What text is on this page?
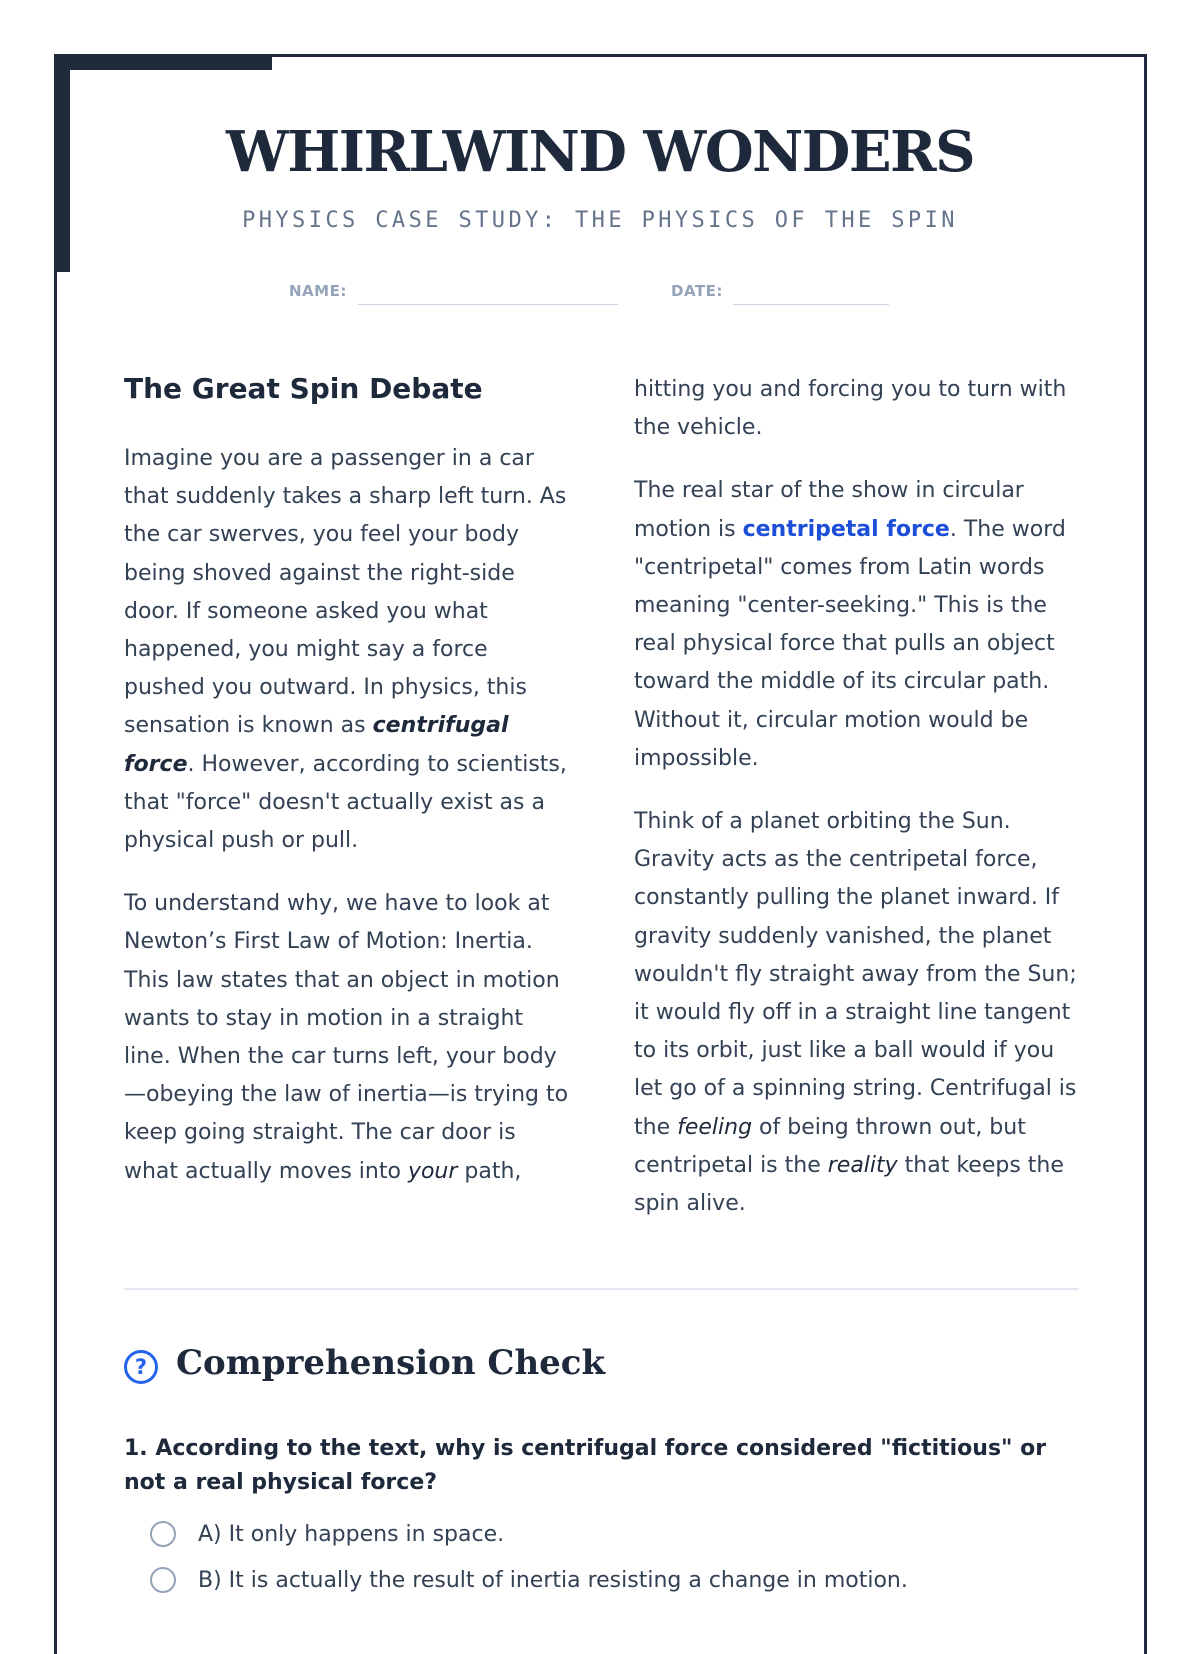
WHIRLWIND WONDERS
PHYSICS CASE STUDY: THE PHYSICS OF THE SPIN
NAME:	DATE:
The Great Spin Debate

Imagine you are a passenger in a car that suddenly takes a sharp left turn. As the car swerves, you feel your body being shoved against the right-side door. If someone asked you what happened, you might say a force pushed you outward. In physics, this sensation is known as centrifugal force. However, according to scientists, that "force" doesn't actually exist as a physical push or pull.

To understand why, we have to look at Newton’s First Law of Motion: Inertia. This law states that an object in motion wants to stay in motion in a straight line. When the car turns left, your body—obeying the law of inertia—is trying to keep going straight. The car door is what actually moves into your path,

hitting you and forcing you to turn with the vehicle.

The real star of the show in circular motion is centripetal force. The word "centripetal" comes from Latin words meaning "center-seeking." This is the real physical force that pulls an object toward the middle of its circular path. Without it, circular motion would be impossible.

Think of a planet orbiting the Sun. Gravity acts as the centripetal force, constantly pulling the planet inward. If gravity suddenly vanished, the planet wouldn't fly straight away from the Sun; it would fly off in a straight line tangent to its orbit, just like a ball would if you let go of a spinning string. Centrifugal is the feeling of being thrown out, but centripetal is the reality that keeps the spin alive.

? Comprehension Check
1. According to the text, why is centrifugal force considered "fictitious" or not a real physical force?
A) It only happens in space.
B) It is actually the result of inertia resisting a change in motion.
